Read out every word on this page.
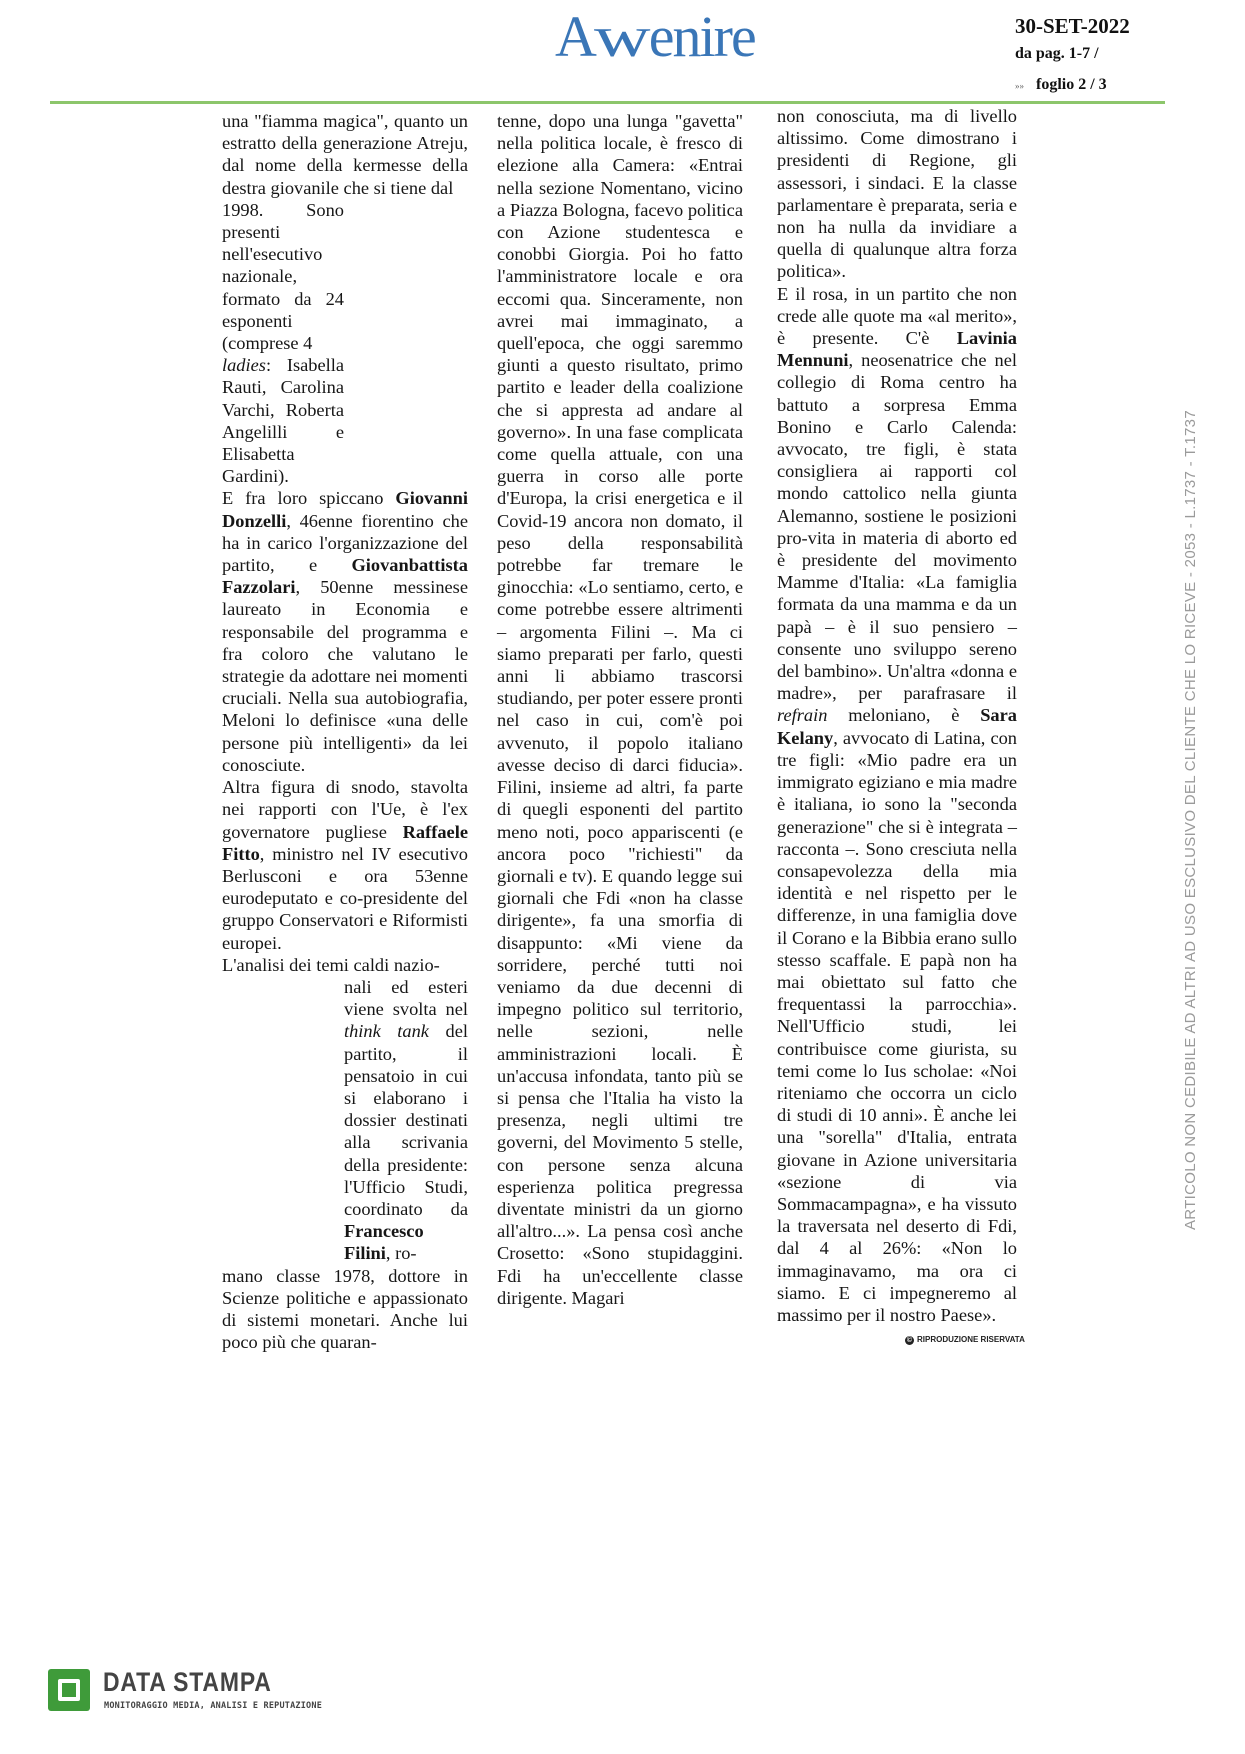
Awenire	30-SET-2022
da pag. 1-7 /
»» foglio 2 / 3

una "fiamma magica", quanto un estratto della generazione Atreju, dal nome della kermesse della destra giovanile che si tiene dal

1998. Sono presenti nell'esecutivo nazionale, formato da 24 esponenti (comprese 4

ladies: Isabella Rauti, Carolina Varchi, Roberta Angelilli e Elisabetta Gardini).

E fra loro spiccano Giovanni Donzelli, 46enne fiorentino che ha in carico l'organizzazione del partito, e Giovanbattista Fazzolari, 50enne messinese laureato in Economia e responsabile del programma e fra coloro che valutano le strategie da adottare nei momenti cruciali. Nella sua autobiografia, Meloni lo definisce «una delle persone più intelligenti» da lei conosciute.

Altra figura di snodo, stavolta nei rapporti con l'Ue, è l'ex governatore pugliese Raffaele Fitto, ministro nel IV esecutivo Berlusconi e ora 53enne eurodeputato e co-presidente del gruppo Conservatori e Riformisti europei.

L'analisi dei temi caldi nazio-

nali ed esteri viene svolta nel think tank del partito, il pensatoio in cui si elaborano i dossier destinati alla scrivania della presidente: l'Ufficio Studi, coordinato da Francesco Filini, ro-

mano classe 1978, dottore in Scienze politiche e appassionato di sistemi monetari. Anche lui poco più che quaran-

tenne, dopo una lunga "gavetta" nella politica locale, è fresco di elezione alla Camera: «Entrai nella sezione Nomentano, vicino a Piazza Bologna, facevo politica con Azione studentesca e conobbi Giorgia. Poi ho fatto l'amministratore locale e ora eccomi qua. Sinceramente, non avrei mai immaginato, a quell'epoca, che oggi saremmo giunti a questo risultato, primo partito e leader della coalizione che si appresta ad andare al governo». In una fase complicata come quella attuale, con una guerra in corso alle porte d'Europa, la crisi energetica e il Covid-19 ancora non domato, il peso della responsabilità potrebbe far tremare le ginocchia: «Lo sentiamo, certo, e come potrebbe essere altrimenti – argomenta Filini –. Ma ci siamo preparati per farlo, questi anni li abbiamo trascorsi studiando, per poter essere pronti nel caso in cui, com'è poi avvenuto, il popolo italiano avesse deciso di darci fiducia». Filini, insieme ad altri, fa parte di quegli esponenti del partito meno noti, poco appariscenti (e ancora poco "richiesti" da giornali e tv). E quando legge sui giornali che Fdi «non ha classe dirigente», fa una smorfia di disappunto: «Mi viene da sorridere, perché tutti noi veniamo da due decenni di impegno politico sul territorio, nelle sezioni, nelle amministrazioni locali. È un'accusa infondata, tanto più se si pensa che l'Italia ha visto la presenza, negli ultimi tre governi, del Movimento 5 stelle, con persone senza alcuna esperienza politica pregressa diventate ministri da un giorno all'altro...». La pensa così anche Crosetto: «Sono stupidaggini. Fdi ha un'eccellente classe dirigente. Magari

non conosciuta, ma di livello altissimo. Come dimostrano i presidenti di Regione, gli assessori, i sindaci. E la classe parlamentare è preparata, seria e non ha nulla da invidiare a quella di qualunque altra forza politica».

E il rosa, in un partito che non crede alle quote ma «al merito», è presente. C'è Lavinia Mennuni, neosenatrice che nel collegio di Roma centro ha battuto a sorpresa Emma Bonino e Carlo Calenda: avvocato, tre figli, è stata consigliera ai rapporti col mondo cattolico nella giunta Alemanno, sostiene le posizioni pro-vita in materia di aborto ed è presidente del movimento Mamme d'Italia: «La famiglia formata da una mamma e da un papà – è il suo pensiero – consente uno sviluppo sereno del bambino». Un'altra «donna e madre», per parafrasare il refrain meloniano, è Sara Kelany, avvocato di Latina, con tre figli: «Mio padre era un immigrato egiziano e mia madre è italiana, io sono la "seconda generazione" che si è integrata – racconta –. Sono cresciuta nella consapevolezza della mia identità e nel rispetto per le differenze, in una famiglia dove il Corano e la Bibbia erano sullo stesso scaffale. E papà non ha mai obiettato sul fatto che frequentassi la parrocchia». Nell'Ufficio studi, lei contribuisce come giurista, su temi come lo Ius scholae: «Noi riteniamo che occorra un ciclo di studi di 10 anni». È anche lei una "sorella" d'Italia, entrata giovane in Azione universitaria «sezione di via Sommacampagna», e ha vissuto la traversata nel deserto di Fdi, dal 4 al 26%: «Non lo immaginavamo, ma ora ci siamo. E ci impegneremo al massimo per il nostro Paese».

© RIPRODUZIONE RISERVATA
ARTICOLO NON CEDIBILE AD ALTRI AD USO ESCLUSIVO DEL CLIENTE CHE LO RICEVE - 2053 - L.1737 - T.1737
DATA STAMPA
MONITORAGGIO MEDIA, ANALISI E REPUTAZIONE
